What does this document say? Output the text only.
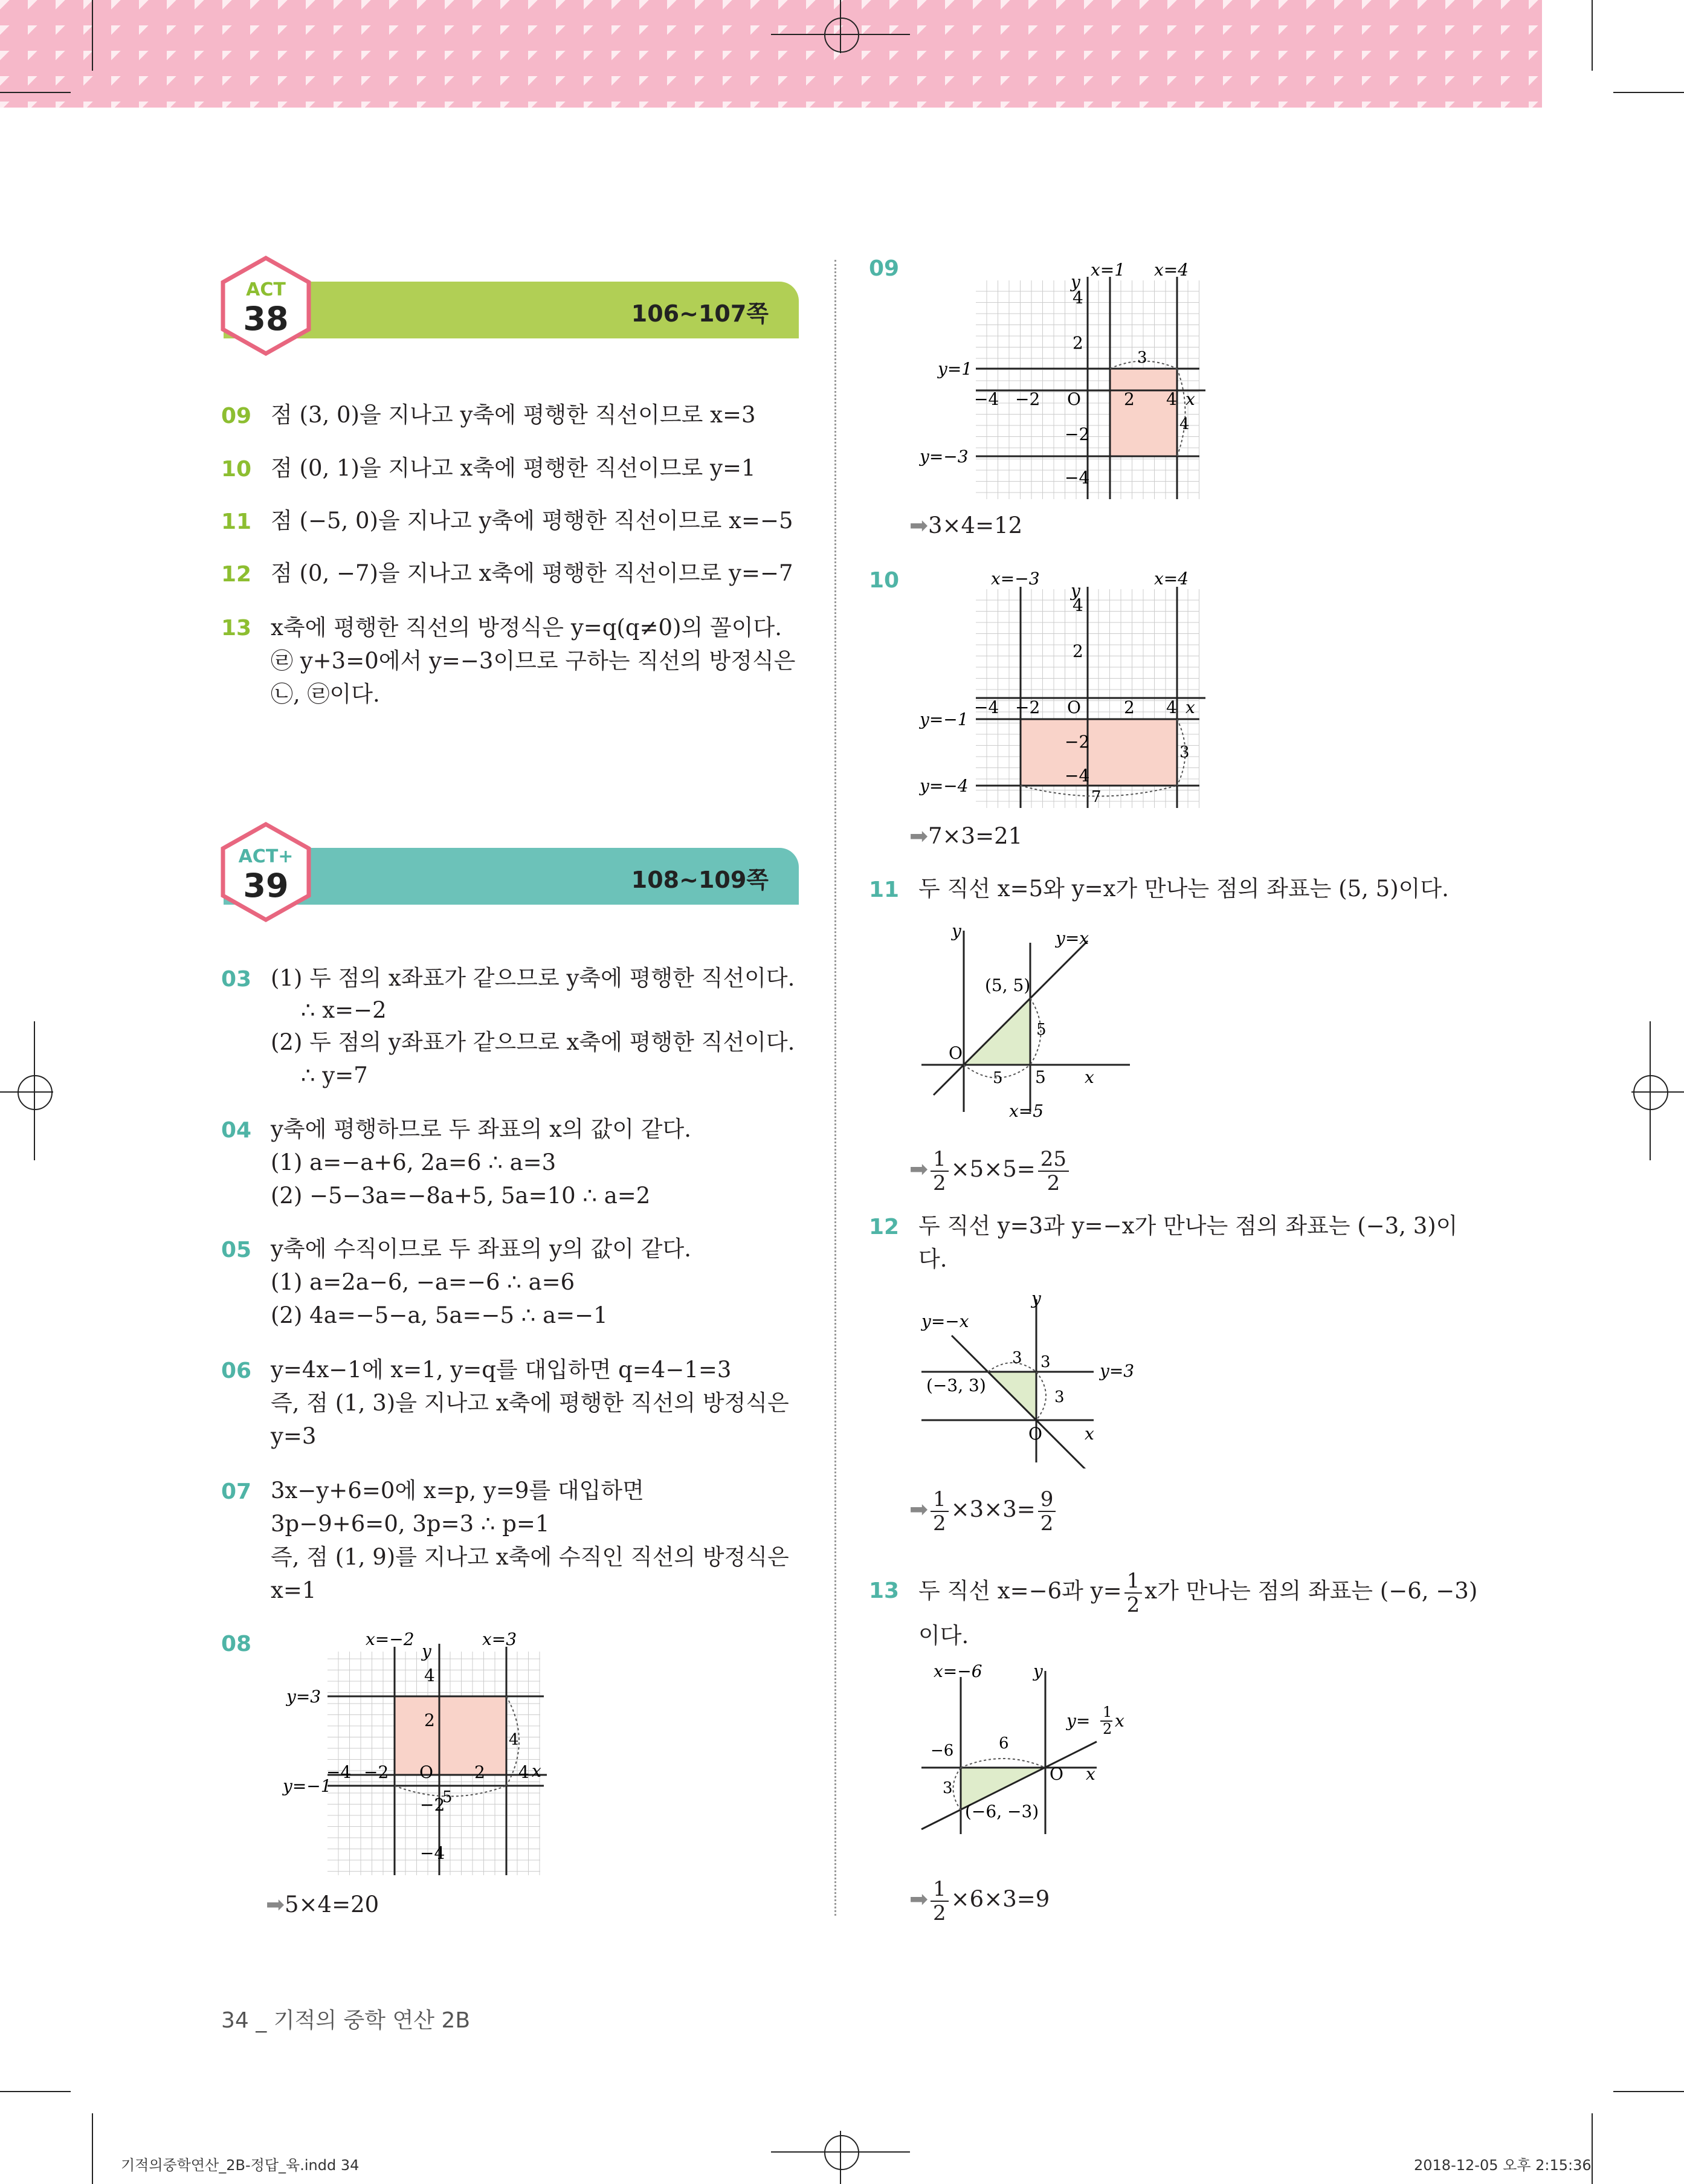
106~107쪽
ACT
38
09 점 (3, 0)을 지나고 y축에 평행한 직선이므로 x=3
10 점 (0, 1)을 지나고 x축에 평행한 직선이므로 y=1
11 점 (−5, 0)을 지나고 y축에 평행한 직선이므로 x=−5
12 점 (0, −7)을 지나고 x축에 평행한 직선이므로 y=−7
13 x축에 평행한 직선의 방정식은 y=q(q≠0)의 꼴이다.
㉣ y+3=0에서 y=−3이므로 구하는 직선의 방정식은
㉡, ㉣이다.
108~109쪽
ACT+
39
03 (1) 두 점의 x좌표가 같으므로 y축에 평행한 직선이다.
∴ x=−2
(2) 두 점의 y좌표가 같으므로 x축에 평행한 직선이다.
∴ y=7
04 y축에 평행하므로 두 좌표의 x의 값이 같다.
(1) a=−a+6, 2a=6 ∴ a=3
(2) −5−3a=−8a+5, 5a=10 ∴ a=2
05 y축에 수직이므로 두 좌표의 y의 값이 같다.
(1) a=2a−6, −a=−6 ∴ a=6
(2) 4a=−5−a, 5a=−5 ∴ a=−1
06 y=4x−1에 x=1, y=q를 대입하면 q=4−1=3
즉, 점 (1, 3)을 지나고 x축에 평행한 직선의 방정식은
y=3
07 3x−y+6=0에 x=p, y=9를 대입하면
3p−9+6=0, 3p=3 ∴ p=1
즉, 점 (1, 9)를 지나고 x축에 수직인 직선의 방정식은
x=1
08	x=−2	x=3
y
y=3
y=−1
4
2
−4 −2 O 2 4 x
−2
−4
4
5
➡5×4=20
09	x=1 x=4
y
4
2
y=1
y=−3
−4 −2 O	2 4 x
−2
−4
3
4
➡3×4=12
10	x=−3	x=4
y
4
2
−4 −2 O	2 4 x
y=−1
y=−4
−2
−4
3
7
➡7×3=21
11 두 직선 x=5와 y=x가 만나는 점의 좌표는 (5, 5)이다.
y	y=x
(5, 5)
5
O
5 5 x
x=5
➡ $\frac{1}{2} \times 5\times 5= \frac{25}{2}$
12 두 직선 y=3과 y=−x가 만나는 점의 좌표는 (−3, 3)이
다.
y
y=−x
3 3	y=3
(−3, 3)
3
O	x
➡ $\frac{1}{2} \times 3\times 3= \frac{9}{2}$
13 두 직선 x=−6과 $y= \frac{1}{2}$ x가 만나는 점의 좌표는 (−6, −3)
이다.
x=−6	y
y= 1
2 x
−6	6
O x
3
(−6, −3)
➡ $\frac{1}{2} \times 6\times 3=9$
34 _ 기적의 중학 연산 2B
기적의중학연산_2B-정답_육.indd 34	2018-12-05 오후 2:15:36
